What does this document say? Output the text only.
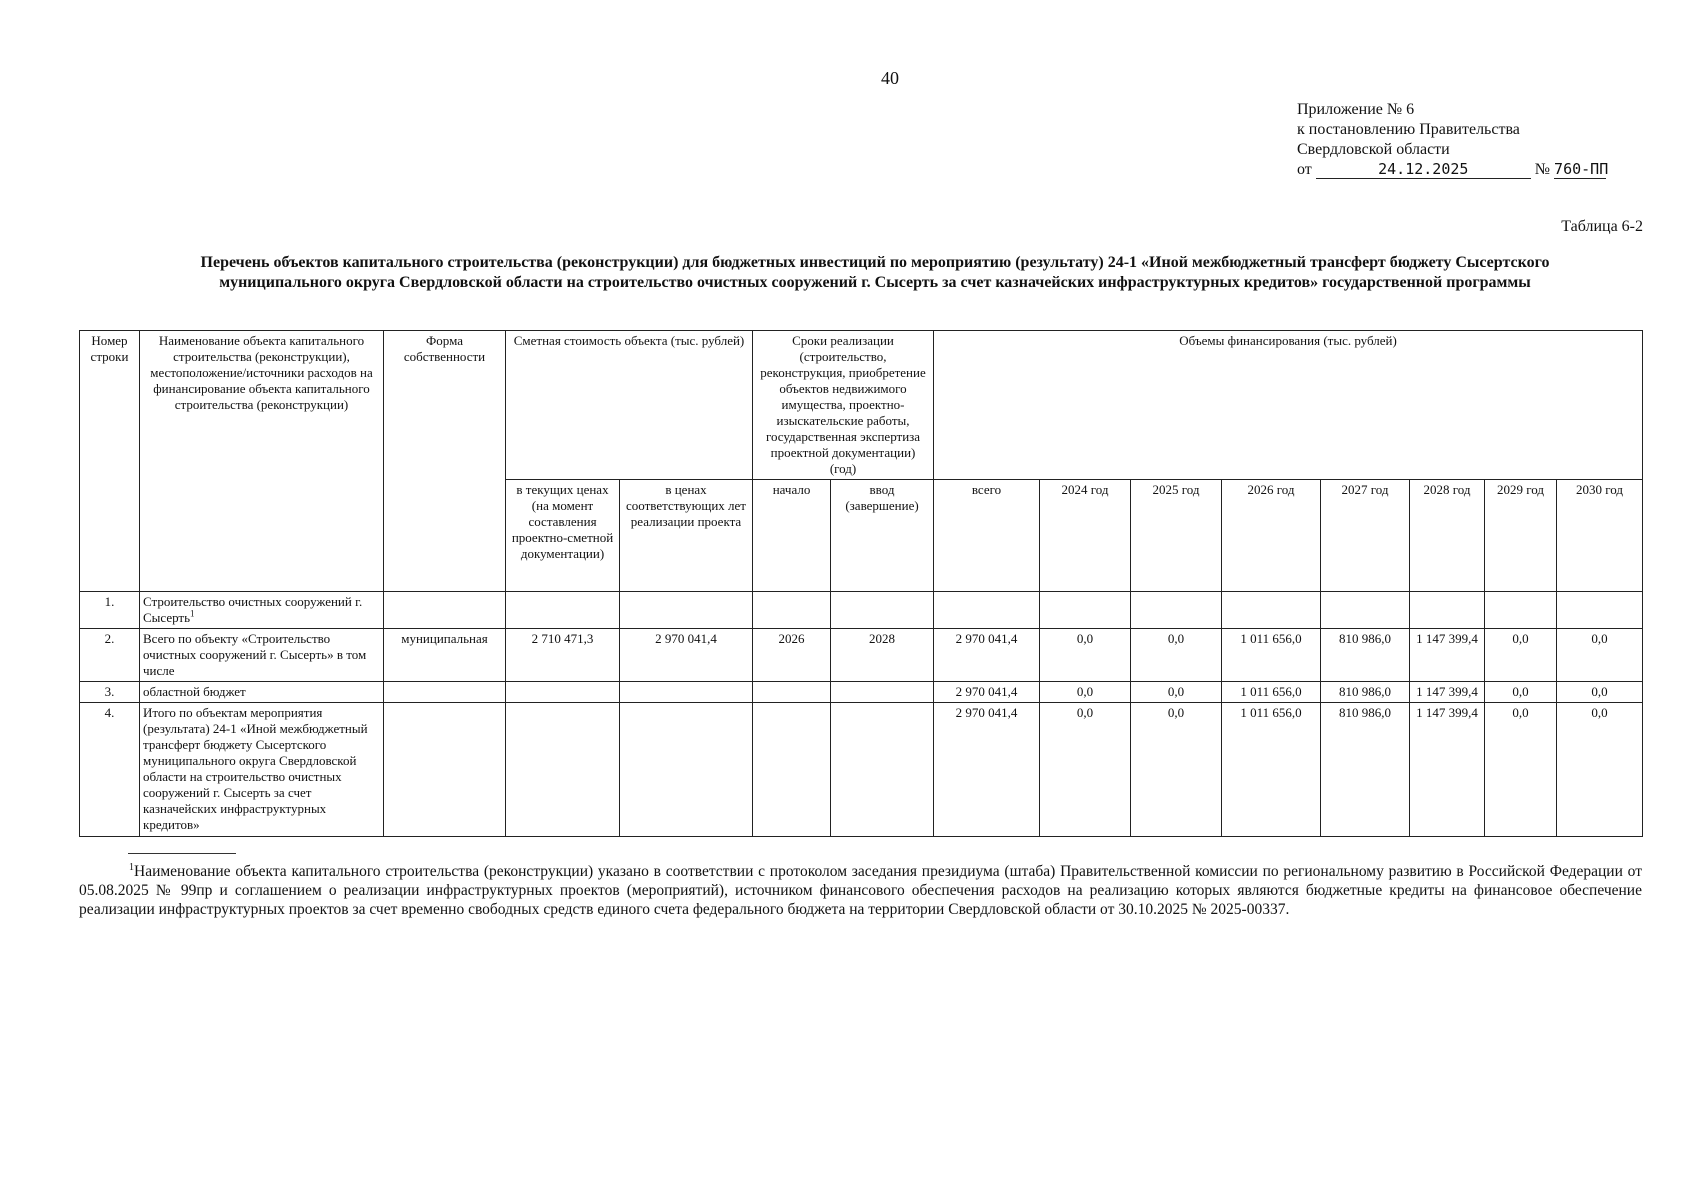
40
Приложение № 6
к постановлению Правительства
Свердловской области
от	24.12.2025	№ 760-ПП
Таблица 6-2
Перечень объектов капитального строительства (реконструкции) для бюджетных инвестиций по мероприятию (результату) 24-1 «Иной межбюджетный трансферт бюджету Сысертского
муниципального округа Свердловской области на строительство очистных сооружений г. Сысерть за счет казначейских инфраструктурных кредитов» государственной программы
Номер строки	Наименование объекта капитального строительства (реконструкции), местоположение/источники расходов на финансирование объекта капитального строительства (реконструкции)	Форма собственности	Сметная стоимость объекта (тыс. рублей)		Сроки реализации (строительство, реконструкция, приобретение объектов недвижимого имущества, проектно-изыскательские работы, государственная экспертиза проектной документации) (год)		Объемы финансирования (тыс. рублей)							
			в текущих ценах (на момент составления проектно-сметной документации)	в ценах соответствующих лет реализации проекта	начало	ввод (завершение)	всего	2024 год	2025 год	2026 год	2027 год	2028 год	2029 год	2030 год
1.	Строительство очистных сооружений г. Сысерть$^1$													
2.	Всего по объекту «Строительство очистных сооружений г. Сысерть» в том числе	муниципальная	2 710 471,3	2 970 041,4	2026	2028	2 970 041,4	0,0	0,0	1 011 656,0	810 986,0	1 147 399,4	0,0	0,0
3.	областной бюджет						2 970 041,4	0,0	0,0	1 011 656,0	810 986,0	1 147 399,4	0,0	0,0
4.	Итого по объектам мероприятия (результата) 24-1 «Иной межбюджетный трансферт бюджету Сысертского муниципального округа Свердловской области на строительство очистных сооружений г. Сысерть за счет казначейских инфраструктурных кредитов»						2 970 041,4	0,0	0,0	1 011 656,0	810 986,0	1 147 399,4	0,0	0,0
$^1$Наименование объекта капитального строительства (реконструкции) указано в соответствии с протоколом заседания президиума (штаба) Правительственной комиссии по региональному развитию в Российской Федерации от 05.08.2025 № 99пр и соглашением о реализации инфраструктурных проектов (мероприятий), источником финансового обеспечения расходов на реализацию которых являются бюджетные кредиты на финансовое обеспечение реализации инфраструктурных проектов за счет временно свободных средств единого счета федерального бюджета на территории Свердловской области от 30.10.2025 № 2025-00337.
